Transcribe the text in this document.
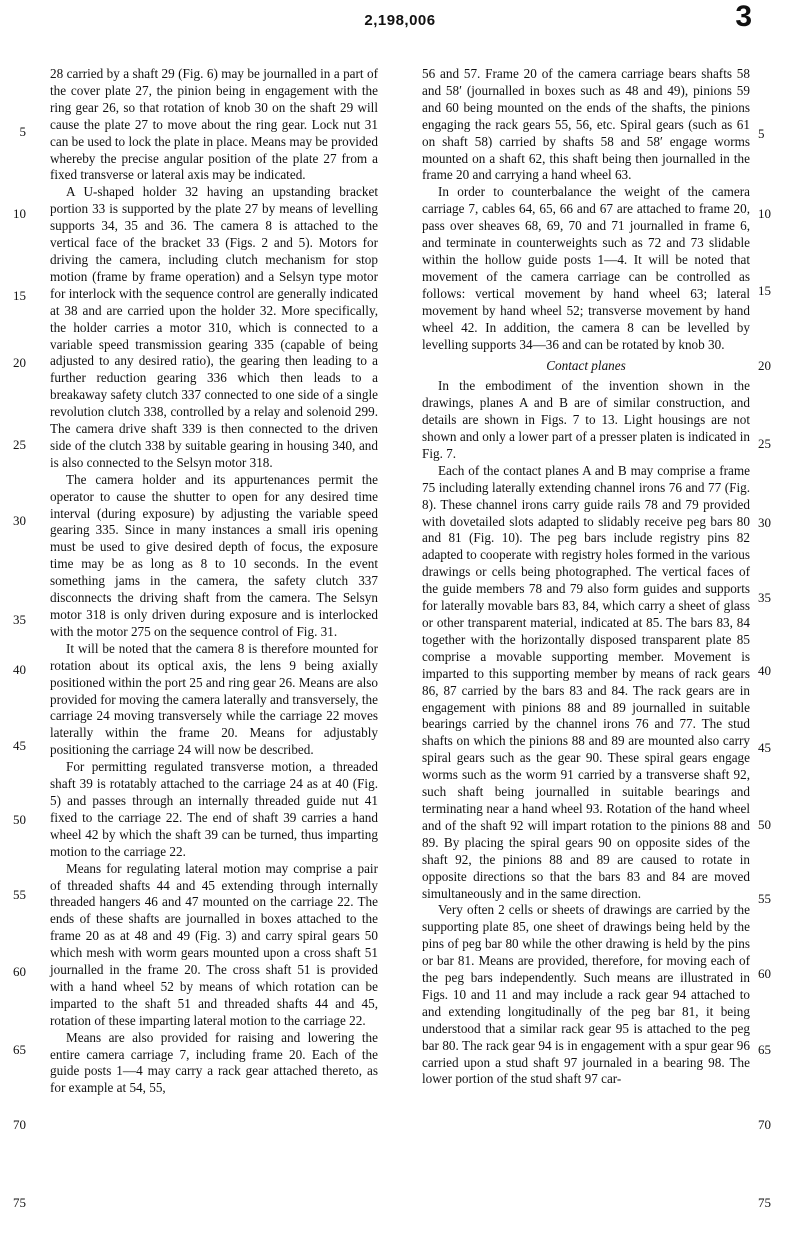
2,198,006	3

28 carried by a shaft 29 (Fig. 6) may be journalled in a part of the cover plate 27, the pinion being in engagement with the ring gear 26, so that rotation of knob 30 on the shaft 29 will cause the plate 27 to move about the ring gear. Lock nut 31 can be used to lock the plate in place. Means may be provided whereby the precise angular position of the plate 27 from a fixed transverse or lateral axis may be indicated.

A U-shaped holder 32 having an upstanding bracket portion 33 is supported by the plate 27 by means of levelling supports 34, 35 and 36. The camera 8 is attached to the vertical face of the bracket 33 (Figs. 2 and 5). Motors for driving the camera, including clutch mechanism for stop motion (frame by frame operation) and a Selsyn type motor for interlock with the sequence control are generally indicated at 38 and are carried upon the holder 32. More specifically, the holder carries a motor 310, which is connected to a variable speed transmission gearing 335 (capable of being adjusted to any desired ratio), the gearing then leading to a further reduction gearing 336 which then leads to a breakaway safety clutch 337 connected to one side of a single revolution clutch 338, controlled by a relay and solenoid 299. The camera drive shaft 339 is then connected to the driven side of the clutch 338 by suitable gearing in housing 340, and is also connected to the Selsyn motor 318.

The camera holder and its appurtenances permit the operator to cause the shutter to open for any desired time interval (during exposure) by adjusting the variable speed gearing 335. Since in many instances a small iris opening must be used to give desired depth of focus, the exposure time may be as long as 8 to 10 seconds. In the event something jams in the camera, the safety clutch 337 disconnects the driving shaft from the camera. The Selsyn motor 318 is only driven during exposure and is interlocked with the motor 275 on the sequence control of Fig. 31.

It will be noted that the camera 8 is therefore mounted for rotation about its optical axis, the lens 9 being axially positioned within the port 25 and ring gear 26. Means are also provided for moving the camera laterally and transversely, the carriage 24 moving transversely while the carriage 22 moves laterally within the frame 20. Means for adjustably positioning the carriage 24 will now be described.

For permitting regulated transverse motion, a threaded shaft 39 is rotatably attached to the carriage 24 as at 40 (Fig. 5) and passes through an internally threaded guide nut 41 fixed to the carriage 22. The end of shaft 39 carries a hand wheel 42 by which the shaft 39 can be turned, thus imparting motion to the carriage 22.

Means for regulating lateral motion may comprise a pair of threaded shafts 44 and 45 extending through internally threaded hangers 46 and 47 mounted on the carriage 22. The ends of these shafts are journalled in boxes attached to the frame 20 as at 48 and 49 (Fig. 3) and carry spiral gears 50 which mesh with worm gears mounted upon a cross shaft 51 journalled in the frame 20. The cross shaft 51 is provided with a hand wheel 52 by means of which rotation can be imparted to the shaft 51 and threaded shafts 44 and 45, rotation of these imparting lateral motion to the carriage 22.

Means are also provided for raising and lowering the entire camera carriage 7, including frame 20. Each of the guide posts 1—4 may carry a rack gear attached thereto, as for example at 54, 55,

56 and 57. Frame 20 of the camera carriage bears shafts 58 and 58′ (journalled in boxes such as 48 and 49), pinions 59 and 60 being mounted on the ends of the shafts, the pinions engaging the rack gears 55, 56, etc. Spiral gears (such as 61 on shaft 58) carried by shafts 58 and 58′ engage worms mounted on a shaft 62, this shaft being then journalled in the frame 20 and carrying a hand wheel 63.

In order to counterbalance the weight of the camera carriage 7, cables 64, 65, 66 and 67 are attached to frame 20, pass over sheaves 68, 69, 70 and 71 journalled in frame 6, and terminate in counterweights such as 72 and 73 slidable within the hollow guide posts 1—4. It will be noted that movement of the camera carriage can be controlled as follows: vertical movement by hand wheel 63; lateral movement by hand wheel 52; transverse movement by hand wheel 42. In addition, the camera 8 can be levelled by levelling supports 34—36 and can be rotated by knob 30.

Contact planes

In the embodiment of the invention shown in the drawings, planes A and B are of similar construction, and details are shown in Figs. 7 to 13. Light housings are not shown and only a lower part of a presser platen is indicated in Fig. 7.

Each of the contact planes A and B may comprise a frame 75 including laterally extending channel irons 76 and 77 (Fig. 8). These channel irons carry guide rails 78 and 79 provided with dovetailed slots adapted to slidably receive peg bars 80 and 81 (Fig. 10). The peg bars include registry pins 82 adapted to cooperate with registry holes formed in the various drawings or cells being photographed. The vertical faces of the guide members 78 and 79 also form guides and supports for laterally movable bars 83, 84, which carry a sheet of glass or other transparent material, indicated at 85. The bars 83, 84 together with the horizontally disposed transparent plate 85 comprise a movable supporting member. Movement is imparted to this supporting member by means of rack gears 86, 87 carried by the bars 83 and 84. The rack gears are in engagement with pinions 88 and 89 journalled in suitable bearings carried by the channel irons 76 and 77. The stud shafts on which the pinions 88 and 89 are mounted also carry spiral gears such as the gear 90. These spiral gears engage worms such as the worm 91 carried by a transverse shaft 92, such shaft being journalled in suitable bearings and terminating near a hand wheel 93. Rotation of the hand wheel and of the shaft 92 will impart rotation to the pinions 88 and 89. By placing the spiral gears 90 on opposite sides of the shaft 92, the pinions 88 and 89 are caused to rotate in opposite directions so that the bars 83 and 84 are moved simultaneously and in the same direction.

Very often 2 cells or sheets of drawings are carried by the supporting plate 85, one sheet of drawings being held by the pins of peg bar 80 while the other drawing is held by the pins or bar 81. Means are provided, therefore, for moving each of the peg bars independently. Such means are illustrated in Figs. 10 and 11 and may include a rack gear 94 attached to and extending longitudinally of the peg bar 81, it being understood that a similar rack gear 95 is attached to the peg bar 80. The rack gear 94 is in engagement with a spur gear 96 carried upon a stud shaft 97 journaled in a bearing 98. The lower portion of the stud shaft 97 car-

5
10
15
20
25
30
35
40
45
50
55
60
65
70
75
5
10
15
20
25
30
35
40
45
50
55
60
65
70
75
